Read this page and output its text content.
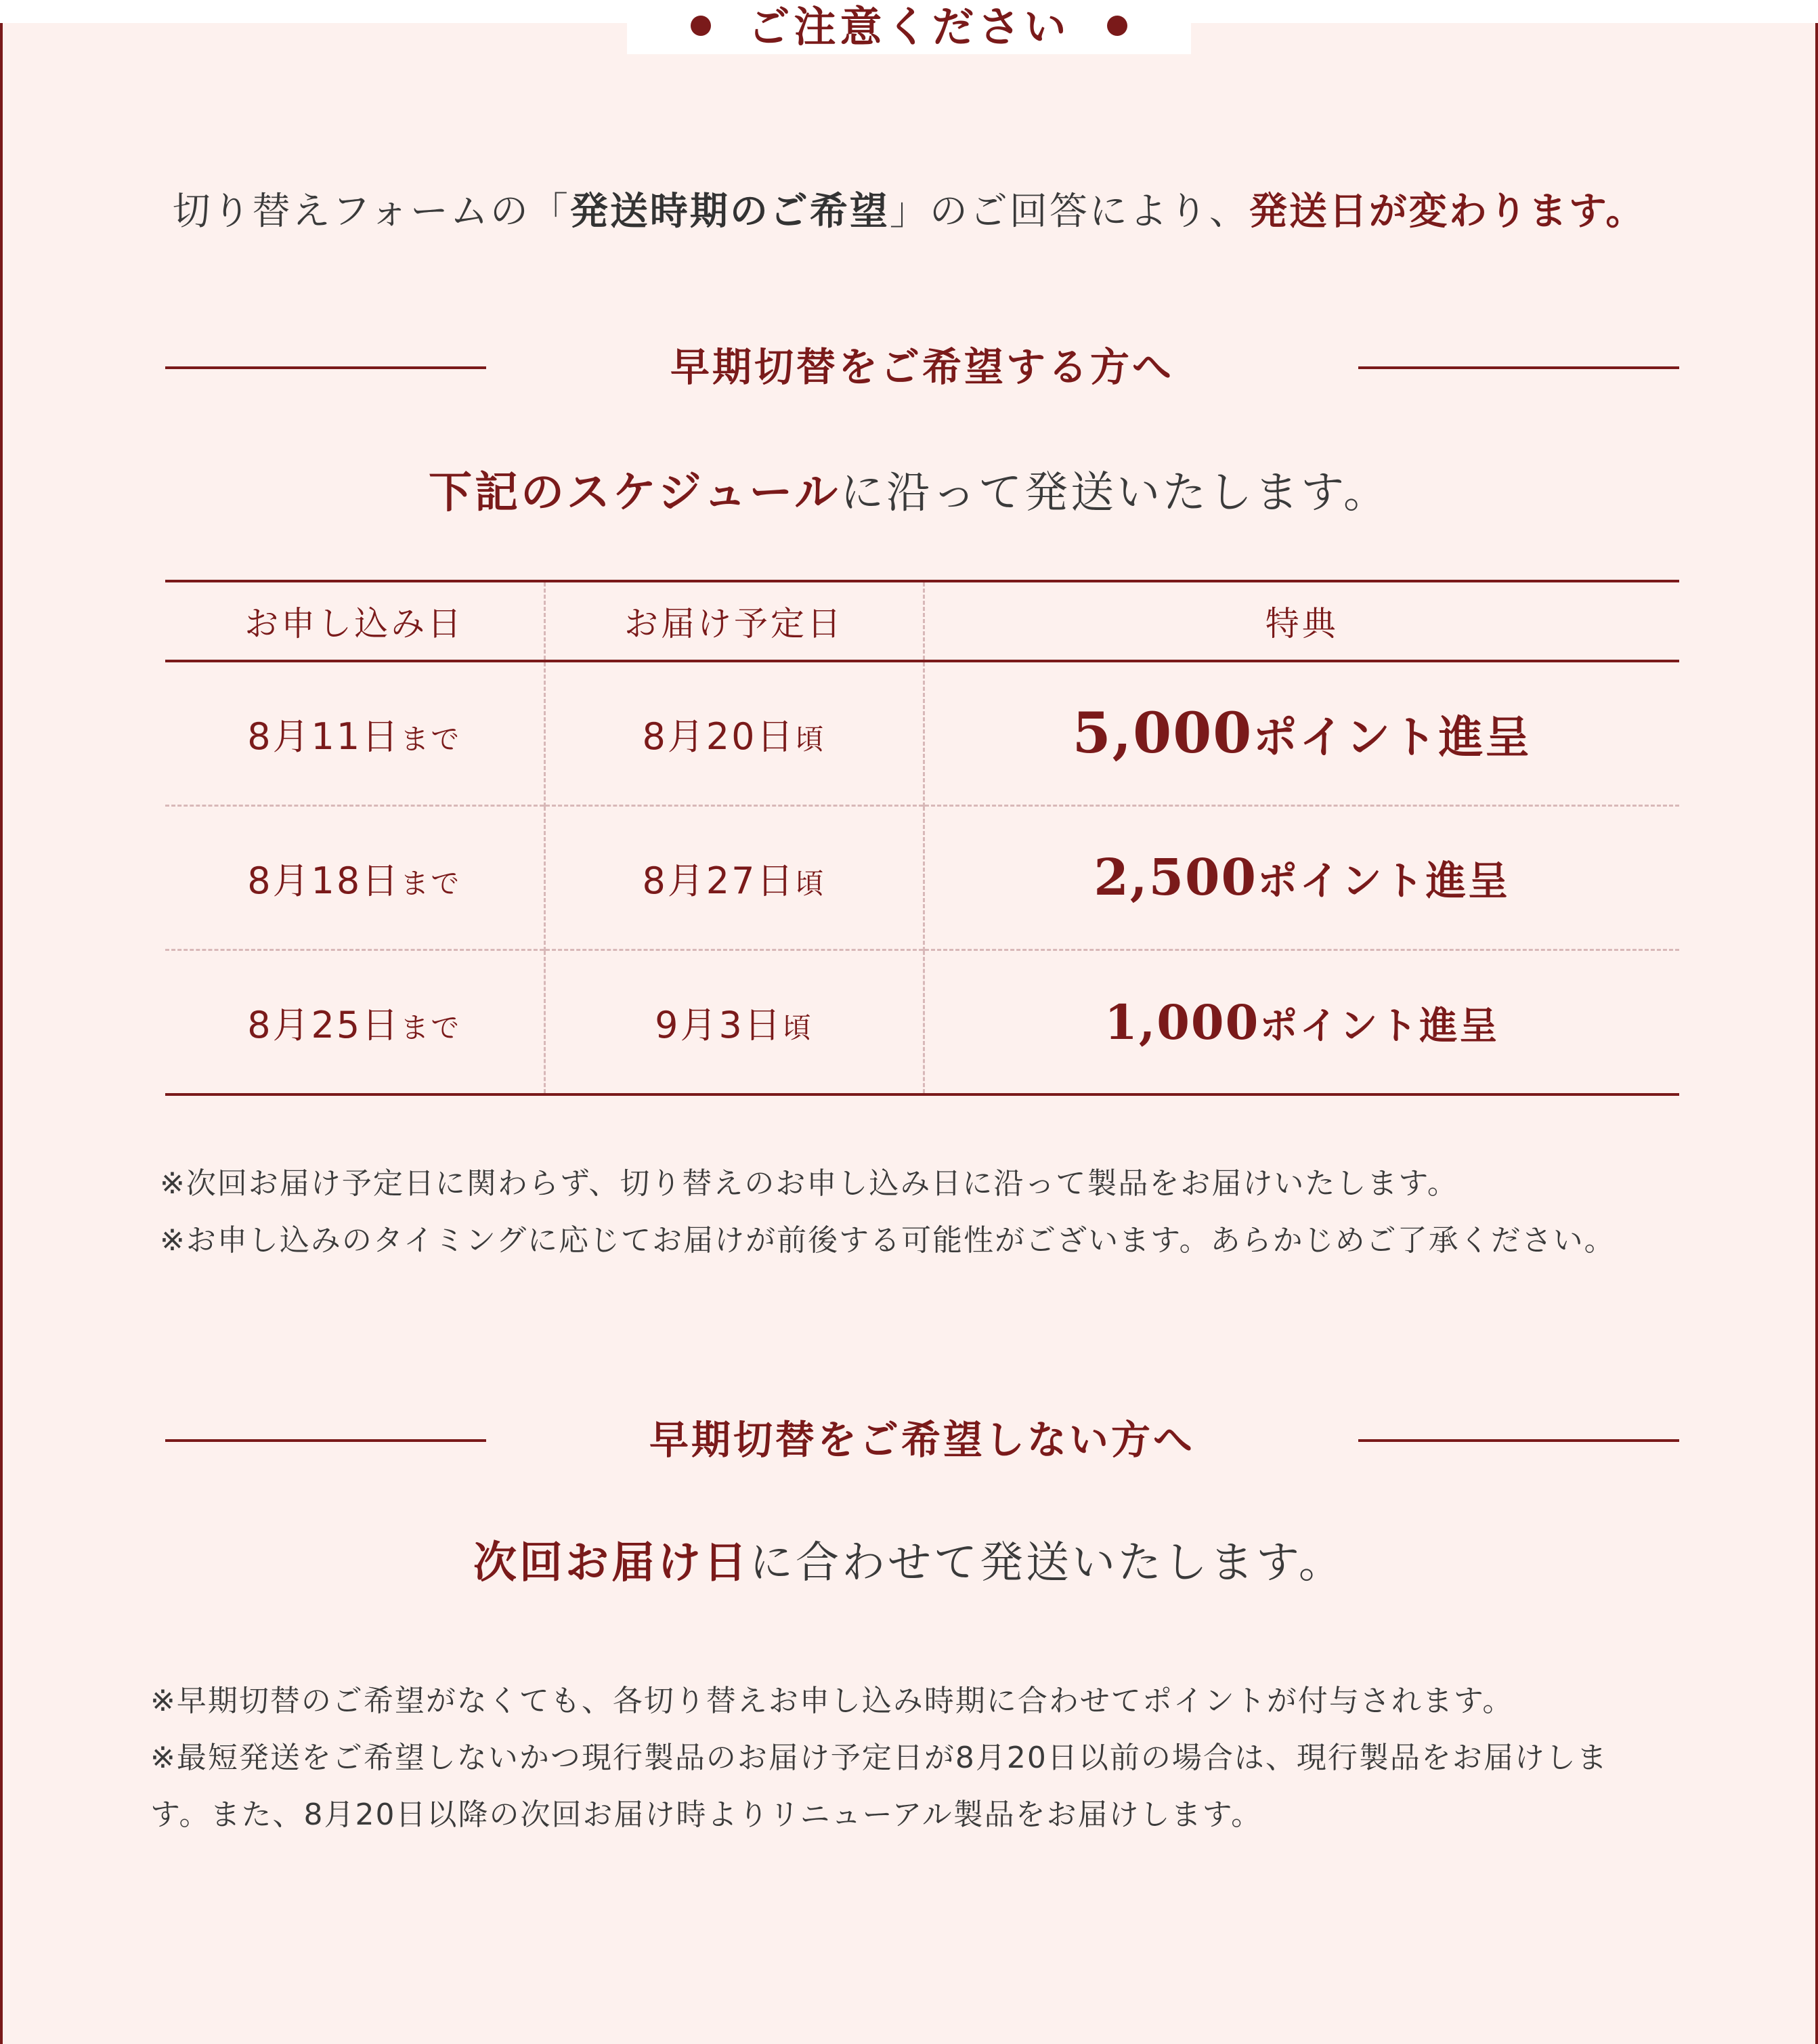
ご注意ください
切り替えフォームの「発送時期のご希望」のご回答により、発送日が変わります。
早期切替をご希望する方へ
下記のスケジュールに沿って発送いたします。
お申し込み日	お届け予定日	特典
8月11日まで	8月20日頃	5,000ポイント進呈
8月18日まで	8月27日頃	2,500ポイント進呈
8月25日まで	9月3日頃	1,000ポイント進呈

※次回お届け予定日に関わらず、切り替えのお申し込み日に沿って製品をお届けいたします。

※お申し込みのタイミングに応じてお届けが前後する可能性がございます。あらかじめご了承ください。

早期切替をご希望しない方へ
次回お届け日に合わせて発送いたします。

※早期切替のご希望がなくても、各切り替えお申し込み時期に合わせてポイントが付与されます。

※最短発送をご希望しないかつ現行製品のお届け予定日が8月20日以前の場合は、現行製品をお届けしま

す。また、8月20日以降の次回お届け時よりリニューアル製品をお届けします。
